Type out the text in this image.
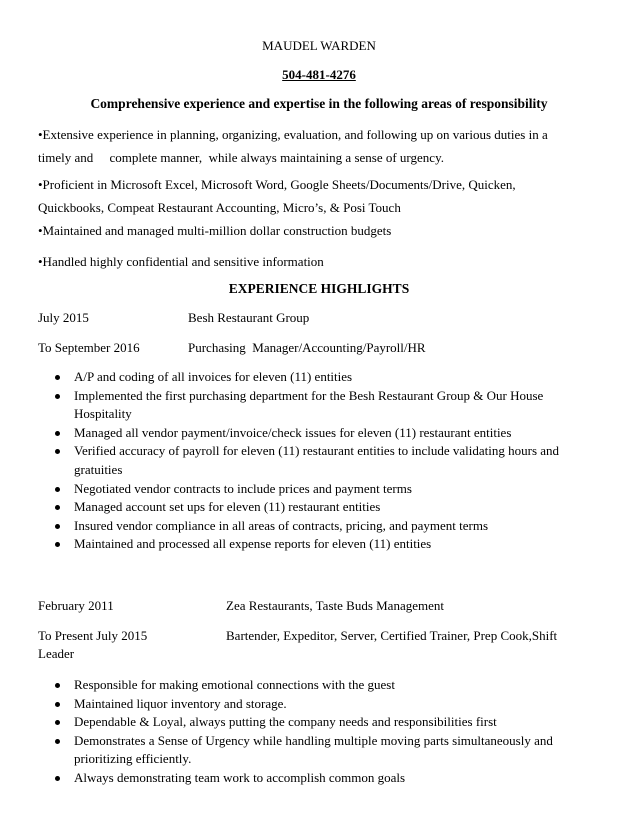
MAUDEL WARDEN
504-481-4276
Comprehensive experience and expertise in the following areas of responsibility
•Extensive experience in planning, organizing, evaluation, and following up on various duties in a
timely and     complete manner,  while always maintaining a sense of urgency.
•Proficient in Microsoft Excel, Microsoft Word, Google Sheets/Documents/Drive, Quicken,
Quickbooks, Compeat Restaurant Accounting, Micro’s, & Posi Touch
•Maintained and managed multi-million dollar construction budgets
•Handled highly confidential and sensitive information
EXPERIENCE HIGHLIGHTS
July 2015	Besh Restaurant Group
To September 2016	Purchasing  Manager/Accounting/Payroll/HR
A/P and coding of all invoices for eleven (11) entities
Implemented the first purchasing department for the Besh Restaurant Group & Our House Hospitality
Managed all vendor payment/invoice/check issues for eleven (11) restaurant entities
Verified accuracy of payroll for eleven (11) restaurant entities to include validating hours and gratuities
Negotiated vendor contracts to include prices and payment terms
Managed account set ups for eleven (11) restaurant entities
Insured vendor compliance in all areas of contracts, pricing, and payment terms
Maintained and processed all expense reports for eleven (11) entities
February 2011	Zea Restaurants, Taste Buds Management
To Present July 2015	Bartender, Expeditor, Server, Certified Trainer, Prep Cook,Shift
Leader
Responsible for making emotional connections with the guest
Maintained liquor inventory and storage.
Dependable & Loyal, always putting the company needs and responsibilities first
Demonstrates a Sense of Urgency while handling multiple moving parts simultaneously and prioritizing efficiently.
Always demonstrating team work to accomplish common goals
